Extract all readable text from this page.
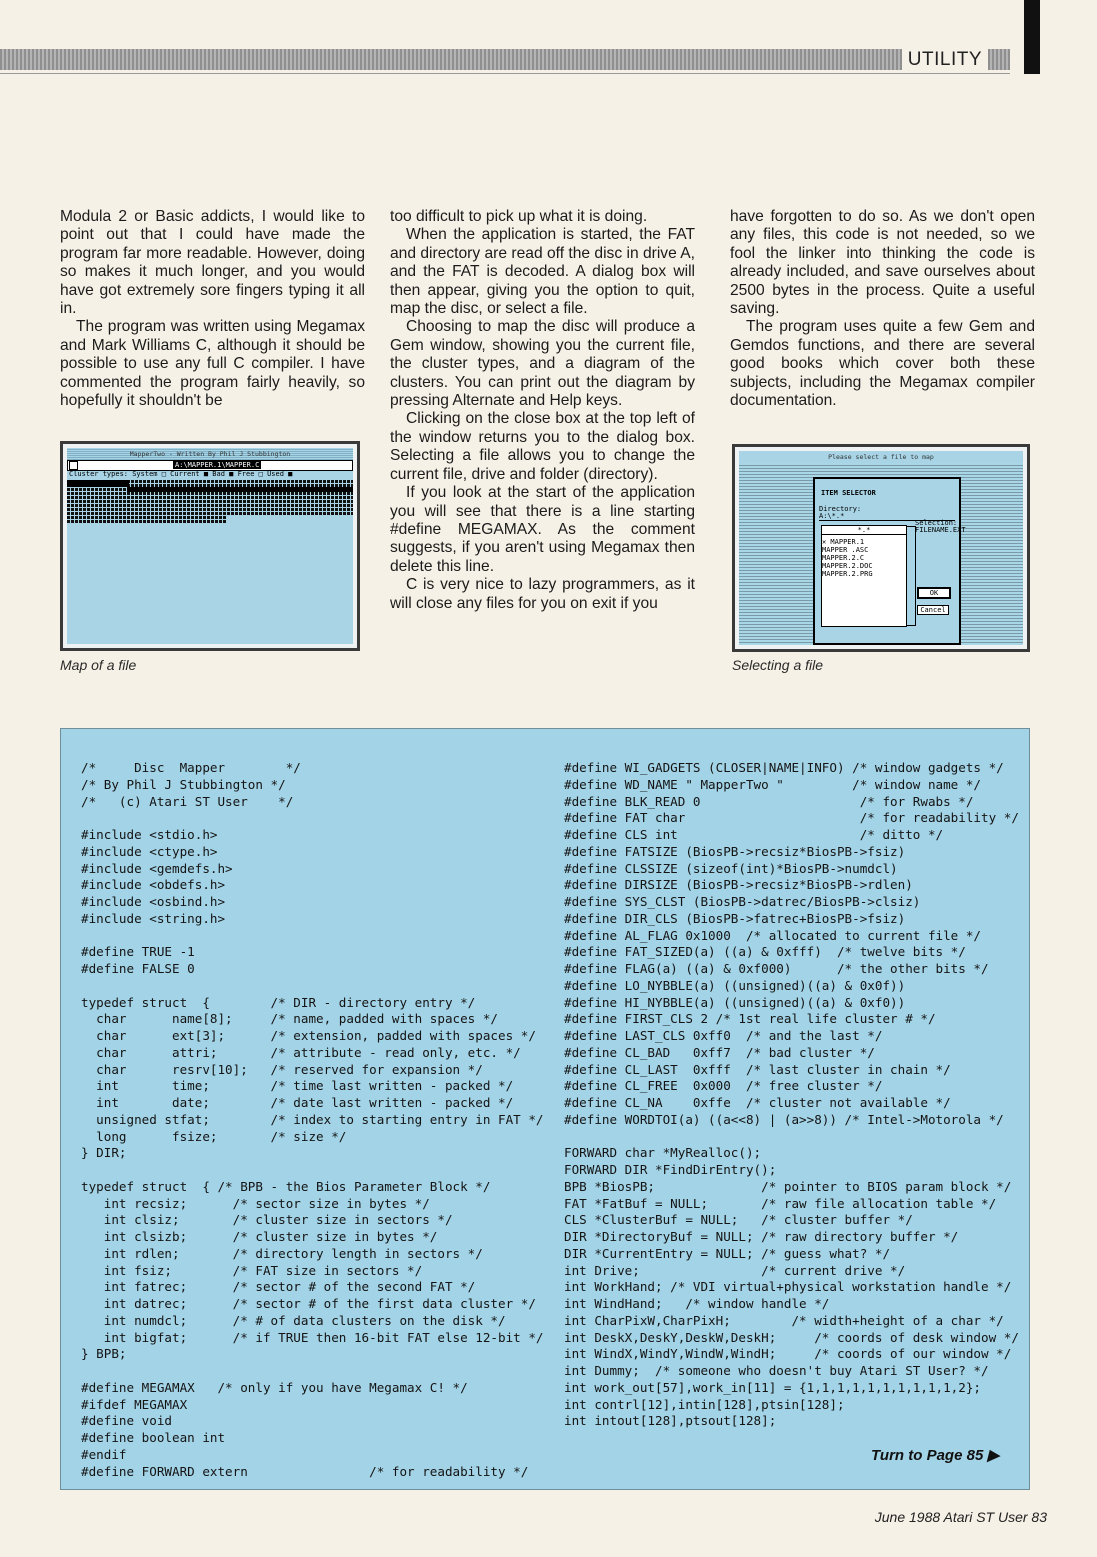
UTILITY

Modula 2 or Basic addicts, I would like to point out that I could have made the program far more readable. However, doing so makes it much longer, and you would have got extremely sore fingers typing it all in.

The program was written using Megamax and Mark Williams C, although it should be possible to use any full C compiler. I have commented the program fairly heavily, so hopefully it shouldn't be

too difficult to pick up what it is doing.

When the application is started, the FAT and directory are read off the disc in drive A, and the FAT is decoded. A dialog box will then appear, giving you the option to quit, map the disc, or select a file.

Choosing to map the disc will produce a Gem window, showing you the current file, the cluster types, and a diagram of the clusters. You can print out the diagram by pressing Alternate and Help keys.

Clicking on the close box at the top left of the window returns you to the dialog box. Selecting a file allows you to change the current file, drive and folder (directory).

If you look at the start of the application you will see that there is a line starting #define MEGAMAX. As the comment suggests, if you aren't using Megamax then delete this line.

C is very nice to lazy programmers, as it will close any files for you on exit if you

have forgotten to do so. As we don't open any files, this code is not needed, so we fool the linker into thinking the code is already included, and save ourselves about 2500 bytes in the process. Quite a useful saving.

The program uses quite a few Gem and Gemdos functions, and there are several good books which cover both these subjects, including the Megamax compiler documentation.

MapperTwo - Written By Phil J Stubbington
A:\MAPPER.1\MAPPER.C
Cluster types: System □ Current ■ Bad ■ Free □ Used ■
Map of a file
Please select a file to map
ITEM SELECTOR
Directory:
A:\*.*
*.*
✕ MAPPER.1
MAPPER .ASC
MAPPER.2.C
MAPPER.2.DOC
MAPPER.2.PRG
Selection:
FILENAME.EXT
OK
Cancel
Selecting a file
/*     Disc  Mapper        */
/* By Phil J Stubbington */
/*   (c) Atari ST User    */

#include <stdio.h>
#include <ctype.h>
#include <gemdefs.h>
#include <obdefs.h>
#include <osbind.h>
#include <string.h>

#define TRUE -1
#define FALSE 0

typedef struct  {        /* DIR - directory entry */
char      name[8];     /* name, padded with spaces */
char      ext[3];      /* extension, padded with spaces */
char      attri;       /* attribute - read only, etc. */
char      resrv[10];   /* reserved for expansion */
int       time;        /* time last written - packed */
int       date;        /* date last written - packed */
unsigned stfat;        /* index to starting entry in FAT */
long      fsize;       /* size */
} DIR;

typedef struct  { /* BPB - the Bios Parameter Block */
int recsiz;      /* sector size in bytes */
int clsiz;       /* cluster size in sectors */
int clsizb;      /* cluster size in bytes */
int rdlen;       /* directory length in sectors */
int fsiz;        /* FAT size in sectors */
int fatrec;      /* sector # of the second FAT */
int datrec;      /* sector # of the first data cluster */
int numdcl;      /* # of data clusters on the disk */
int bigfat;      /* if TRUE then 16-bit FAT else 12-bit */
} BPB;

#define MEGAMAX   /* only if you have Megamax C! */
#ifdef MEGAMAX
#define void
#define boolean int
#endif
#define FORWARD extern                /* for readability */
#define WI_GADGETS (CLOSER|NAME|INFO) /* window gadgets */
#define WD_NAME " MapperTwo "         /* window name */
#define BLK_READ 0                     /* for Rwabs */
#define FAT char                       /* for readability */
#define CLS int                        /* ditto */
#define FATSIZE (BiosPB->recsiz*BiosPB->fsiz)
#define CLSSIZE (sizeof(int)*BiosPB->numdcl)
#define DIRSIZE (BiosPB->recsiz*BiosPB->rdlen)
#define SYS_CLST (BiosPB->datrec/BiosPB->clsiz)
#define DIR_CLS (BiosPB->fatrec+BiosPB->fsiz)
#define AL_FLAG 0x1000  /* allocated to current file */
#define FAT_SIZED(a) ((a) & 0xfff)  /* twelve bits */
#define FLAG(a) ((a) & 0xf000)      /* the other bits */
#define LO_NYBBLE(a) ((unsigned)((a) & 0x0f))
#define HI_NYBBLE(a) ((unsigned)((a) & 0xf0))
#define FIRST_CLS 2 /* 1st real life cluster # */
#define LAST_CLS 0xff0  /* and the last */
#define CL_BAD   0xff7  /* bad cluster */
#define CL_LAST  0xfff  /* last cluster in chain */
#define CL_FREE  0x000  /* free cluster */
#define CL_NA    0xffe  /* cluster not available */
#define WORDTOI(a) ((a<<8) | (a>>8)) /* Intel->Motorola */

FORWARD char *MyRealloc();
FORWARD DIR *FindDirEntry();
BPB *BiosPB;              /* pointer to BIOS param block */
FAT *FatBuf = NULL;       /* raw file allocation table */
CLS *ClusterBuf = NULL;   /* cluster buffer */
DIR *DirectoryBuf = NULL; /* raw directory buffer */
DIR *CurrentEntry = NULL; /* guess what? */
int Drive;                /* current drive */
int WorkHand; /* VDI virtual+physical workstation handle */
int WindHand;   /* window handle */
int CharPixW,CharPixH;        /* width+height of a char */
int DeskX,DeskY,DeskW,DeskH;     /* coords of desk window */
int WindX,WindY,WindW,WindH;     /* coords of our window */
int Dummy;  /* someone who doesn't buy Atari ST User? */
int work_out[57],work_in[11] = {1,1,1,1,1,1,1,1,1,1,2};
int contrl[12],intin[128],ptsin[128];
int intout[128],ptsout[128];
Turn to Page 85 ▶
June 1988 Atari ST User 83
